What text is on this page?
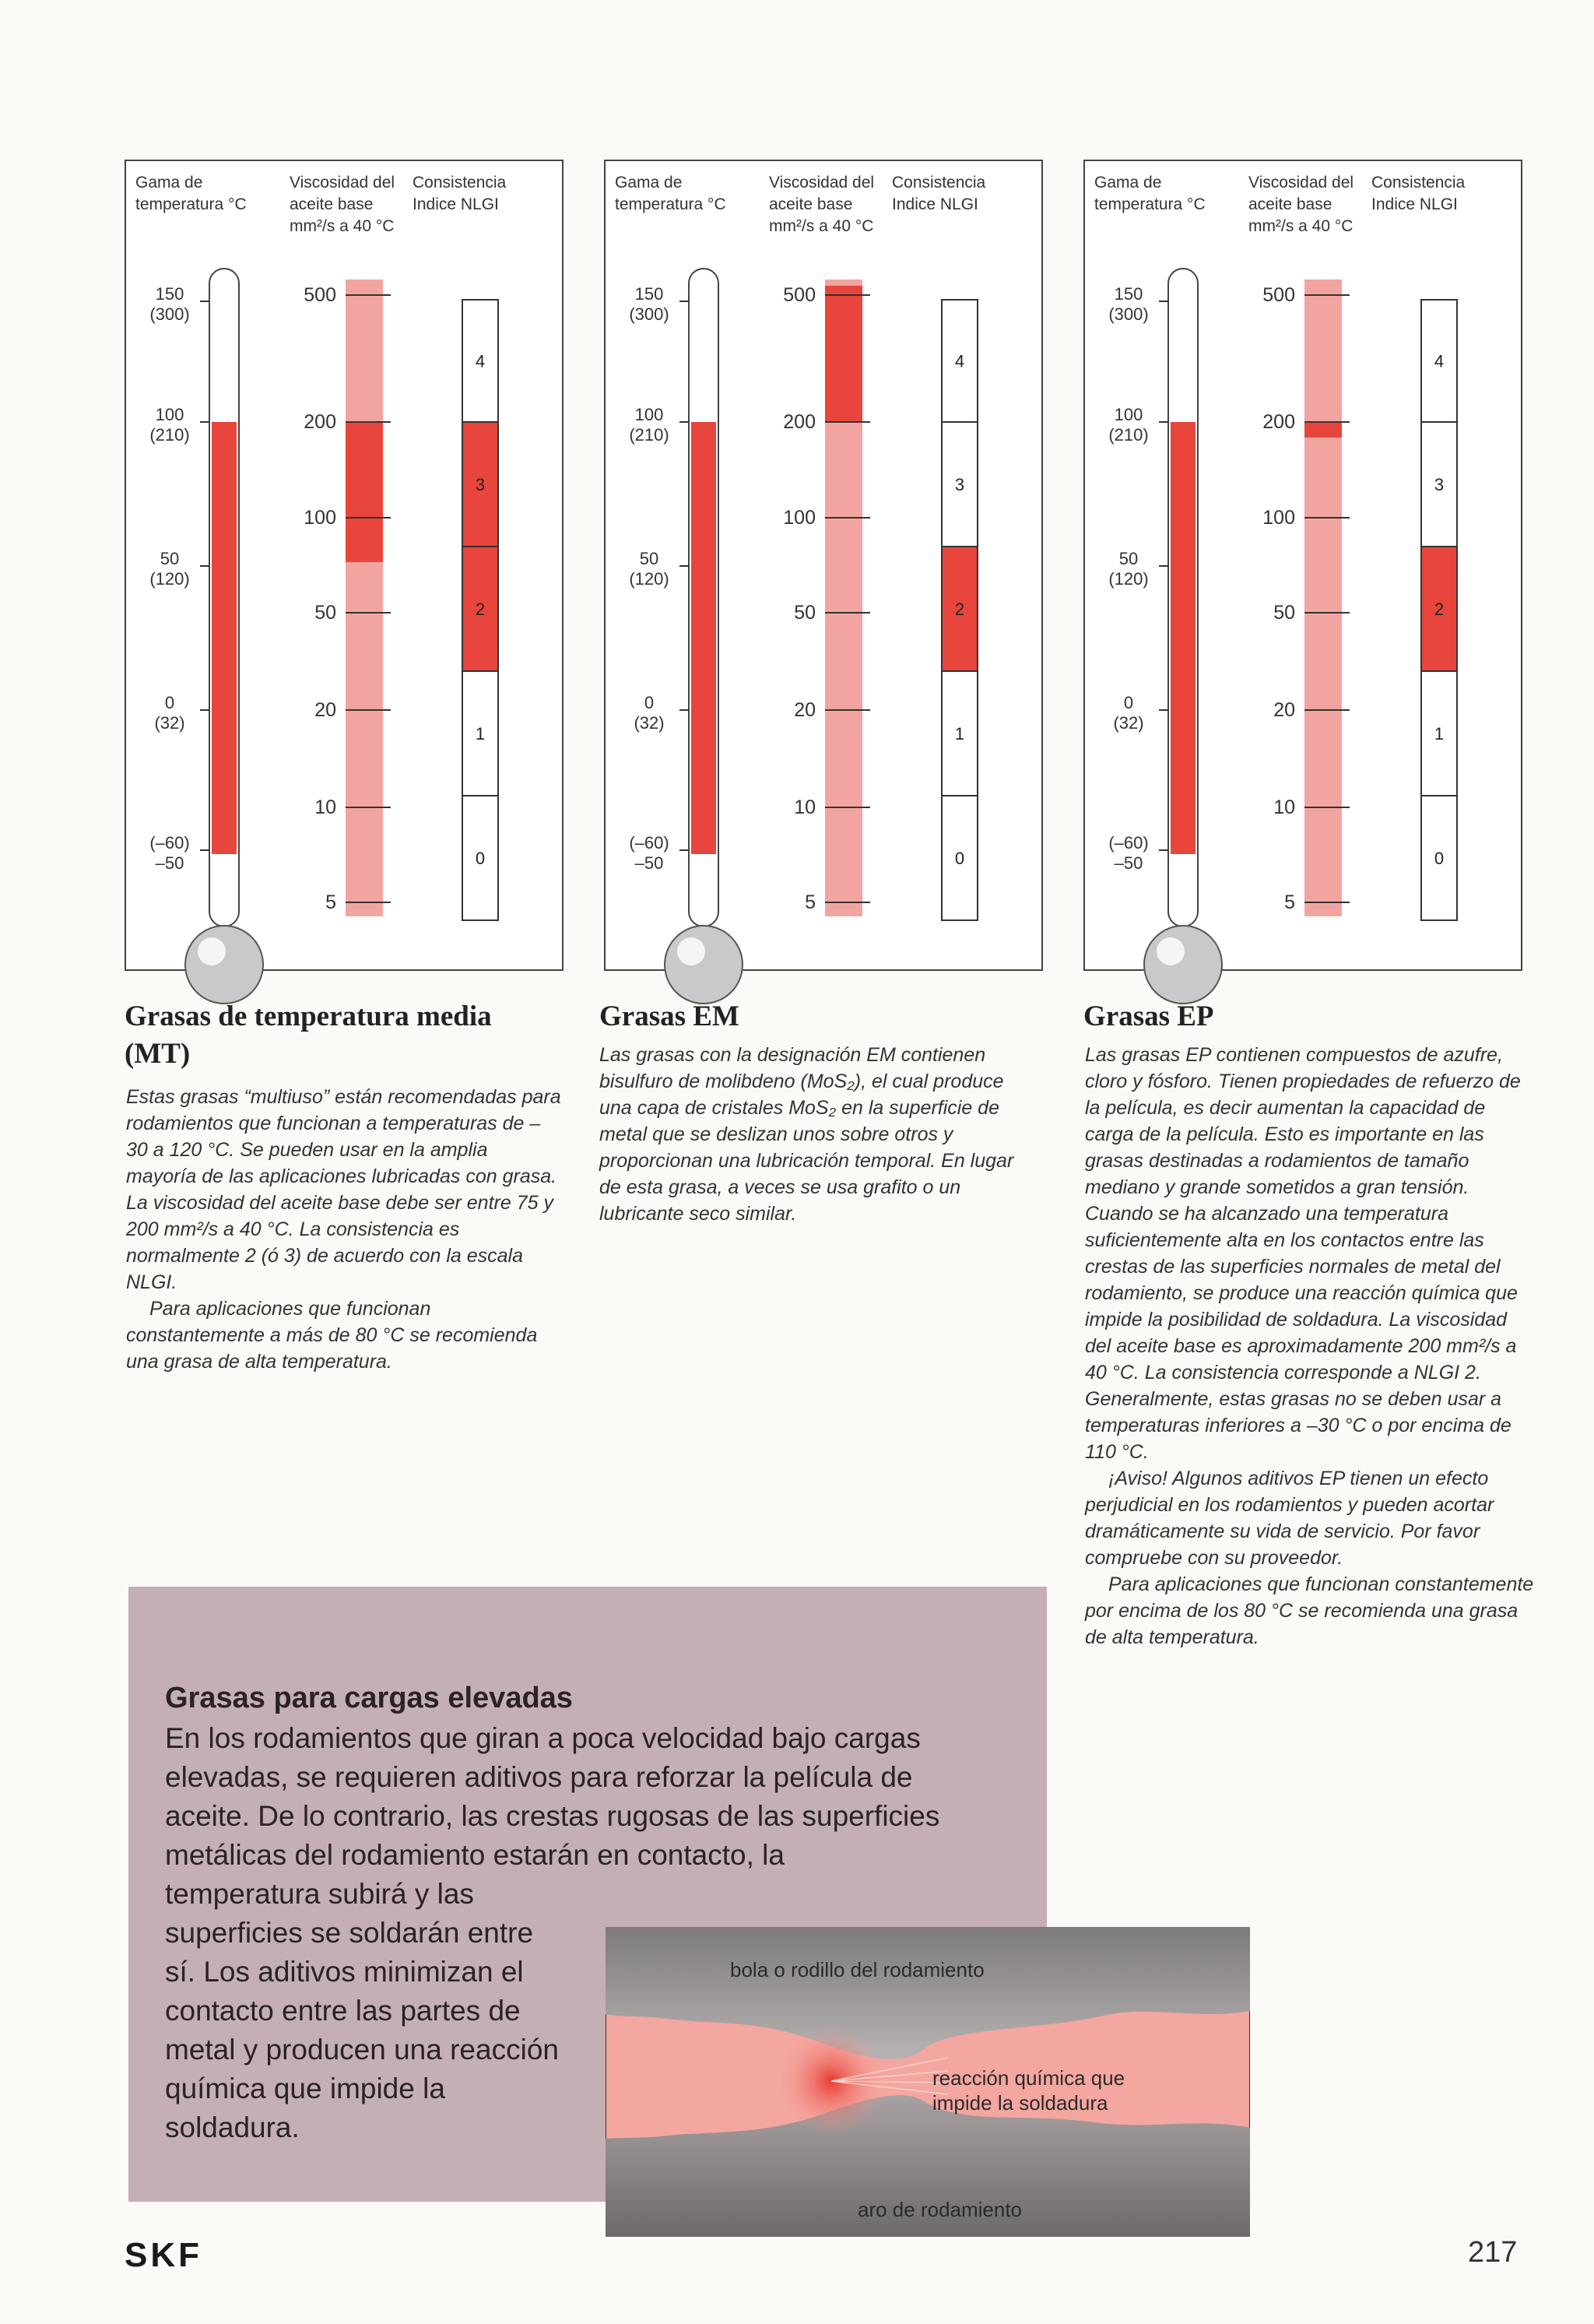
Gama de temperatura °C
Viscosidad del aceite base mm²/s a 40 °C
Consistencia Indice NLGI
150
(300)
100
(210)
50
(120)
0
(32)
(–60)
–50
500
200
100
50
20
10
5
4
3
2
1
0
Gama de temperatura °C
Viscosidad del aceite base mm²/s a 40 °C
Consistencia Indice NLGI
150
(300)
100
(210)
50
(120)
0
(32)
(–60)
–50
500
200
100
50
20
10
5
4
3
2
1
0
Gama de temperatura °C
Viscosidad del aceite base mm²/s a 40 °C
Consistencia Indice NLGI
150
(300)
100
(210)
50
(120)
0
(32)
(–60)
–50
500
200
100
50
20
10
5
4
3
2
1
0
Grasas de temperatura media (MT)
Grasas EM	Grasas EP

Estas grasas “multiuso” están recomendadas para rodamientos que funcionan a temperaturas de –30 a 120 °C. Se pueden usar en la amplia mayoría de las aplicaciones lubricadas con grasa. La viscosidad del aceite base debe ser entre 75 y 200 mm²/s a 40 °C. La consistencia es normalmente 2 (ó 3) de acuerdo con la escala NLGI.

Para aplicaciones que funcionan constantemente a más de 80 °C se recomienda una grasa de alta temperatura.

Las grasas con la designación EM contienen bisulfuro de molibdeno (MoS₂), el cual produce una capa de cristales MoS₂ en la superficie de metal que se deslizan unos sobre otros y proporcionan una lubricación temporal. En lugar de esta grasa, a veces se usa grafito o un lubricante seco similar.

Las grasas EP contienen compuestos de azufre, cloro y fósforo. Tienen propiedades de refuerzo de la película, es decir aumentan la capacidad de carga de la película. Esto es importante en las grasas destinadas a rodamientos de tamaño mediano y grande sometidos a gran tensión. Cuando se ha alcanzado una temperatura suficientemente alta en los contactos entre las crestas de las superficies normales de metal del rodamiento, se produce una reacción química que impide la posibilidad de soldadura. La viscosidad del aceite base es aproximadamente 200 mm²/s a 40 °C. La consistencia corresponde a NLGI 2. Generalmente, estas grasas no se deben usar a temperaturas inferiores a –30 °C o por encima de 110 °C.

¡Aviso! Algunos aditivos EP tienen un efecto perjudicial en los rodamientos y pueden acortar dramáticamente su vida de servicio. Por favor compruebe con su proveedor.

Para aplicaciones que funcionan constantemente por encima de los 80 °C se recomienda una grasa de alta temperatura.

Grasas para cargas elevadas
En los rodamientos que giran a poca velocidad bajo cargas elevadas, se requieren aditivos para reforzar la película de aceite. De lo contrario, las crestas rugosas de las superficies metálicas del rodamiento estarán en contacto, la
temperatura subirá y las superficies se soldarán entre sí. Los aditivos minimizan el contacto entre las partes de metal y producen una reacción química que impide la soldadura.
bola o rodillo del rodamiento
reacción química que impide la soldadura
aro de rodamiento
SKF	217
